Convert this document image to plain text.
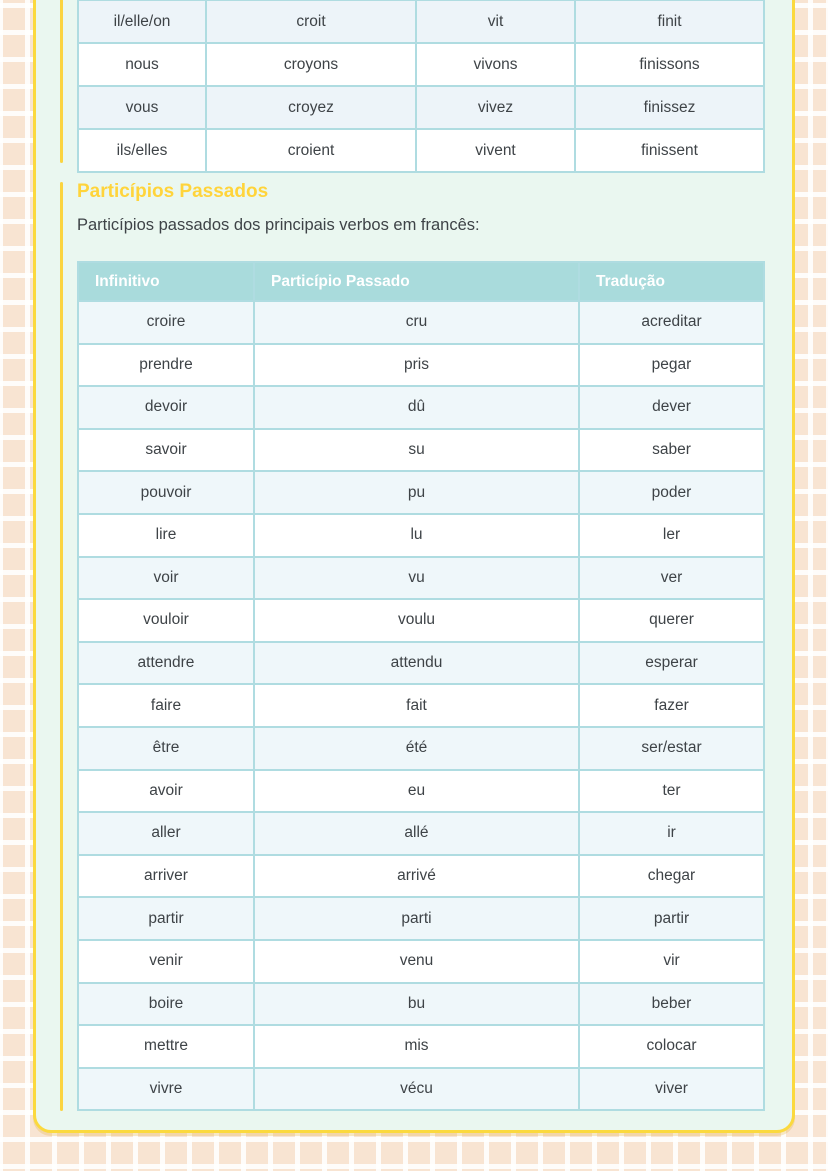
il/elle/on	croit	vit	finit
nous	croyons	vivons	finissons
vous	croyez	vivez	finissez
ils/elles	croient	vivent	finissent
Particípios Passados

Particípios passados dos principais verbos em francês:

Infinitivo	Particípio Passado	Tradução
croire	cru	acreditar
prendre	pris	pegar
devoir	dû	dever
savoir	su	saber
pouvoir	pu	poder
lire	lu	ler
voir	vu	ver
vouloir	voulu	querer
attendre	attendu	esperar
faire	fait	fazer
être	été	ser/estar
avoir	eu	ter
aller	allé	ir
arriver	arrivé	chegar
partir	parti	partir
venir	venu	vir
boire	bu	beber
mettre	mis	colocar
vivre	vécu	viver
